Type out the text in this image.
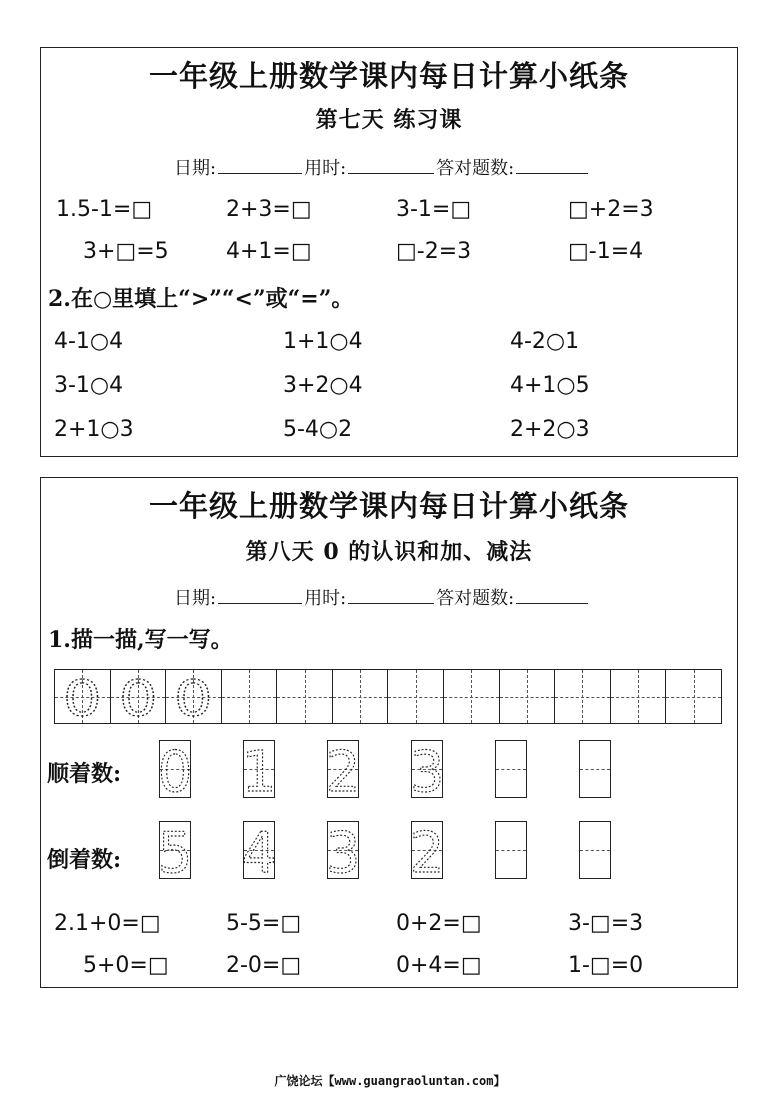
一年级上册数学课内每日计算小纸条
第七天 练习课
日期:	用时:	答对题数:
1.5-1=□	2+3=□	3-1=□	□+2=3
3+□=5	4+1=□	□-2=3	□-1=4
2.在○里填上“>”“<”或“=”。
4-1○4	1+1○4	4-2○1
3-1○4	3+2○4	4+1○5
2+1○3	5-4○2	2+2○3
一年级上册数学课内每日计算小纸条
第八天 0 的认识和加、减法
日期:	用时:	答对题数:
1.描一描,写一写。
0 0 0
顺着数: 0 1 2 3
倒着数: 5 4 3 2
2.1+0=□	5-5=□	0+2=□	3-□=3
5+0=□	2-0=□	0+4=□	1-□=0
广饶论坛【www.guangraoluntan.com】
